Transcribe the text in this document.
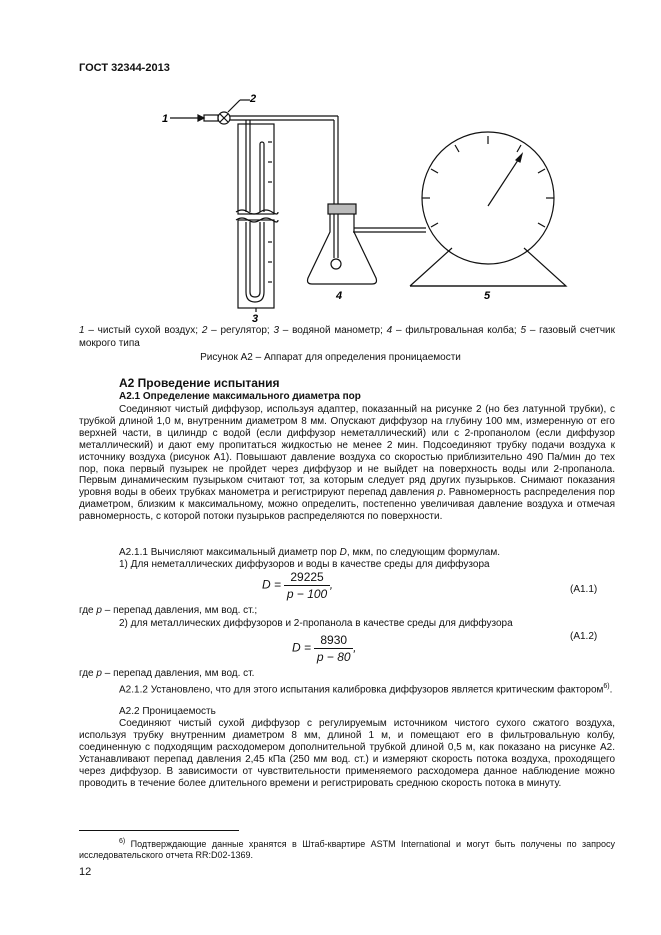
ГОСТ 32344-2013
1
2
3
4	5
1 – чистый сухой воздух; 2 – регулятор; 3 – водяной манометр; 4 – фильтровальная колба; 5 – газовый счетчик мокрого типа
Рисунок А2 – Аппарат для определения проницаемости
А2 Проведение испытания
А2.1 Определение максимального диаметра пор
Соединяют чистый диффузор, используя адаптер, показанный на рисунке 2 (но без латунной трубки), с трубкой длиной 1,0 м, внутренним диаметром 8 мм. Опускают диффузор на глубину 100 мм, измеренную от его верхней части, в цилиндр с водой (если диффузор неметаллический) или с 2-пропанолом (если диффузор металлический) и дают ему пропитаться жидкостью не менее 2 мин. Подсоединяют трубку подачи воздуха к источнику воздуха (рисунок А1). Повышают давление воздуха со скоростью приблизительно 490 Па/мин до тех пор, пока первый пузырек не пройдет через диффузор и не выйдет на поверхность воды или 2-пропанола. Первым динамическим пузырьком считают тот, за которым следует ряд других пузырьков. Снимают показания уровня воды в обеих трубках манометра и регистрируют перепад давления p. Равномерность распределения пор диаметром, близким к максимальному, можно определить, постепенно увеличивая давление воздуха и отмечая равномерность, с которой потоки пузырьков распределяются по поверхности.
А2.1.1 Вычисляют максимальный диаметр пор D, мкм, по следующим формулам.
1) Для неметаллических диффузоров и воды в качестве среды для диффузора
$D = \frac{29225}{p - 100}$ ,	(А1.1)
где p – перепад давления, мм вод. ст.;
2) для металлических диффузоров и 2-пропанола в качестве среды для диффузора
$D = \frac{8930}{p - 80}$ ,
(А1.2)
где p – перепад давления, мм вод. ст.
А2.1.2 Установлено, что для этого испытания калибровка диффузоров является критическим фактором$^{6)}$.
А2.2 Проницаемость
Соединяют чистый сухой диффузор с регулируемым источником чистого сухого сжатого воздуха, используя трубку внутренним диаметром 8 мм, длиной 1 м, и помещают его в фильтровальную колбу, соединенную с подходящим расходомером дополнительной трубкой длиной 0,5 м, как показано на рисунке А2. Устанавливают перепад давления 2,45 кПа (250 мм вод. ст.) и измеряют скорость потока воздуха, проходящего через диффузор. В зависимости от чувствительности применяемого расходомера данное наблюдение можно проводить в течение более длительного времени и регистрировать среднюю скорость потока в минуту.
$^{6)}$ Подтверждающие данные хранятся в Штаб-квартире ASTM International и могут быть получены по запросу исследовательского отчета RR:D02-1369.
12
